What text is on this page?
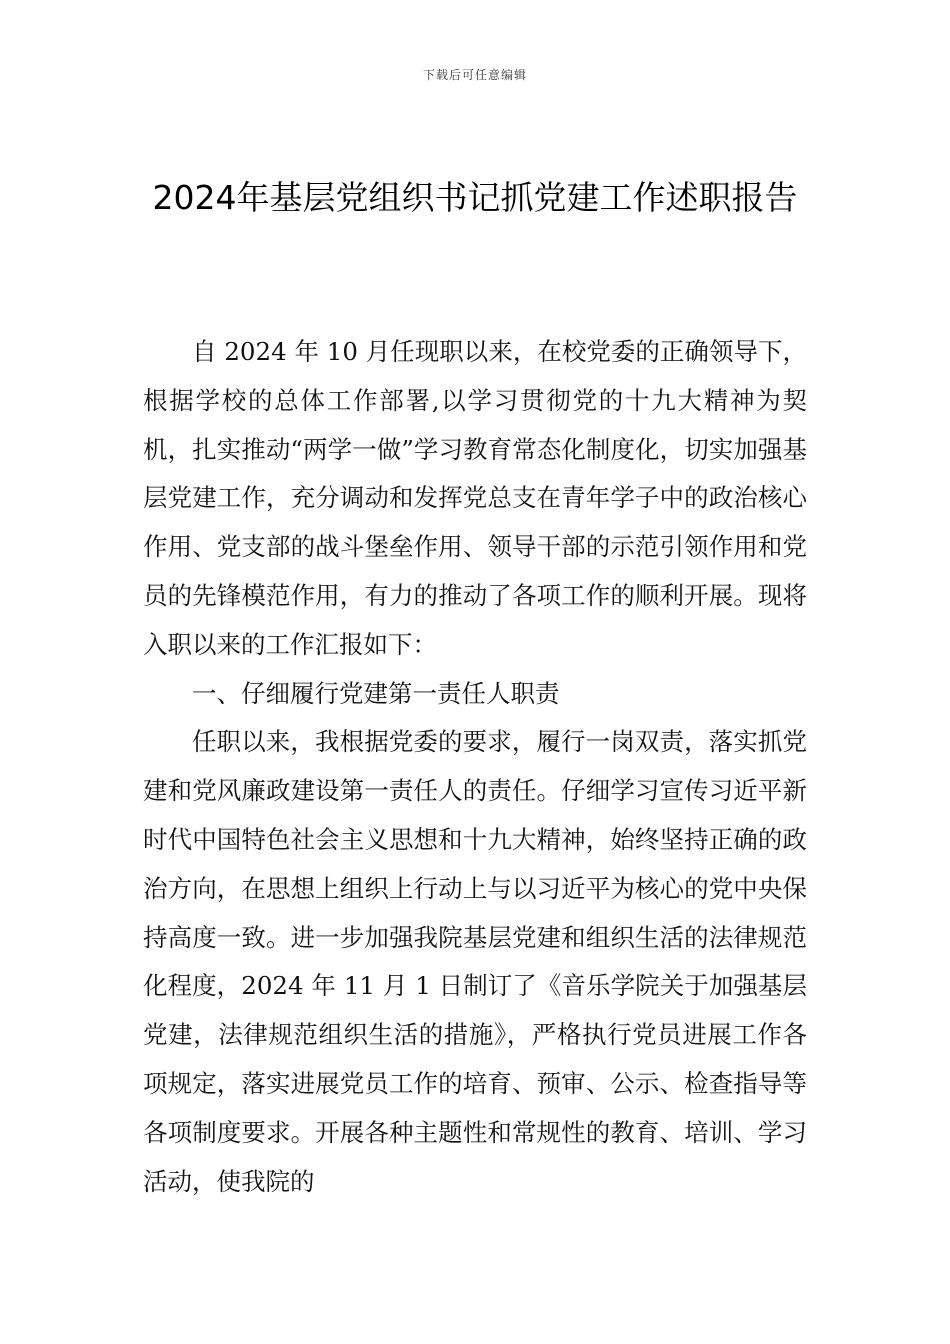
下载后可任意编辑
2024年基层党组织书记抓党建工作述职报告

自 2024 年 10 月任现职以来，在校党委的正确领导下，根据学校的总体工作部署,以学习贯彻党的十九大精神为契机，扎实推动“两学一做”学习教育常态化制度化，切实加强基层党建工作，充分调动和发挥党总支在青年学子中的政治核心作用、党支部的战斗堡垒作用、领导干部的示范引领作用和党员的先锋模范作用，有力的推动了各项工作的顺利开展。现将入职以来的工作汇报如下：

一、仔细履行党建第一责任人职责

任职以来，我根据党委的要求，履行一岗双责，落实抓党建和党风廉政建设第一责任人的责任。仔细学习宣传习近平新时代中国特色社会主义思想和十九大精神，始终坚持正确的政治方向，在思想上组织上行动上与以习近平为核心的党中央保持高度一致。进一步加强我院基层党建和组织生活的法律规范化程度，2024 年 11 月 1 日制订了《音乐学院关于加强基层党建，法律规范组织生活的措施》，严格执行党员进展工作各项规定，落实进展党员工作的培育、预审、公示、检查指导等各项制度要求。开展各种主题性和常规性的教育、培训、学习活动，使我院的
